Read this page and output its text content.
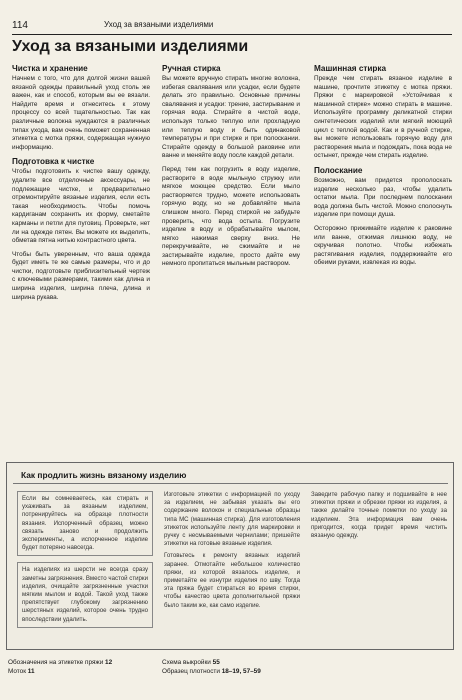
114	Уход за вязаными изделиями
Уход за вязаными изделиями
Чистка и хранение

Начнем с того, что для долгой жизни вашей вязаной одежды правильный уход столь же важен, как и способ, которым вы ее вязали. Найдите время и отнеситесь к этому процессу со всей тщательностью. Так как различные волокна нуждаются в различных типах ухода, вам очень поможет сохраненная этикетка с мотка пряжи, содержащая нужную информацию.

Подготовка к чистке

Чтобы подготовить к чистке вашу одежду, удалите все отделочные аксессуары, не подлежащие чистке, и предварительно отремонтируйте вязаные изделия, если есть такая необходимость. Чтобы помочь кардиганам сохранить их форму, сметайте карманы и петли для пуговиц. Проверьте, нет ли на одежде пятен. Вы можете их выделить, обметав пятна нитью контрастного цвета.

Чтобы быть уверенным, что ваша одежда будет иметь те же самые размеры, что и до чистки, подготовьте приблизительный чертеж с ключевыми размерами, такими как длина и ширина изделия, ширина плеча, длина и ширина рукава.

Ручная стирка

Вы можете вручную стирать многие волокна, избегая свалявания или усадки, если будете делать это правильно. Основные причины свалявания и усадки: трение, застирывание и горячая вода. Стирайте в чистой воде, используя только теплую или прохладную или теплую воду и быть одинаковой температуры и при стирке и при полоскании. Стирайте одежду в большой раковине или ванне и меняйте воду после каждой детали.

Перед тем как погрузить в воду изделие, растворите в воде мыльную стружку или мягкое моющее средство. Если мыло растворяется трудно, можете использовать горячую воду, но не добавляйте мыла слишком много. Перед стиркой не забудьте проверить, что вода остыла. Погрузите изделие в воду и обрабатывайте мылом, мягко нажимая сверху вниз. Не перекручивайте, не сжимайте и не застирывайте изделие, просто дайте ему немного пропитаться мыльным раствором.

Машинная стирка

Прежде чем стирать вязаное изделие в машине, прочтите этикетку с мотка пряжи. Пряжи с маркировкой «Устойчивая к машинной стирке» можно стирать в машине. Используйте программу деликатной стирки синтетических изделий или мягкий моющий цикл с теплой водой. Как и в ручной стирке, вы можете использовать горячую воду для растворения мыла и подождать, пока вода не остынет, прежде чем стирать изделие.

Полоскание

Возможно, вам придется прополоскать изделие несколько раз, чтобы удалить остатки мыла. При последнем полоскании вода должна быть чистой. Можно сполоснуть изделие при помощи душа.

Осторожно прижимайте изделие к раковине или ванне, отжимая лишнюю воду, не скручивая полотно. Чтобы избежать растягивания изделия, поддерживайте его обеими руками, извлекая из воды.

Как продлить жизнь вязаному изделию

Если вы сомневаетесь, как стирать и ухаживать за вязаным изделием, потренируйтесь на образце плотности вязания. Испорченный образец можно связать заново и продолжить эксперименты, а испорченное изделие будет потеряно навсегда.

На изделиях из шерсти не всегда сразу заметны загрязнения. Вместо частой стирки изделия, очищайте загрязненные участки мягким мылом и водой. Такой уход также препятствует глубокому загрязнению шерстяных изделий, которое очень трудно впоследствии удалить.

Изготовьте этикетки с информацией по уходу за изделием, не забывая указать вы его содержание волокон и специальные образцы типа МС (машинная стирка). Для изготовления этикеток используйте ленту для маркировки и ручку с несмываемыми чернилами; пришейте этикетки на готовые вязаные изделия.

Готовьтесь к ремонту вязаных изделий заранее. Отмотайте небольшое количество пряжи, из которой вязалось изделие, и приметайте ее изнутри изделия по шву. Тогда эта пряжа будет стираться во время стирки, чтобы качество цвета дополнительной пряжи было таким же, как само изделие.

Заведите рабочую папку и подшивайте в нее этикетки пряжи и обрезки пряжи из изделия, а также делайте точные пометки по уходу за изделием. Эта информация вам очень пригодится, когда придет время чистить вязаную одежду.

Обозначения на этикетке пряжи 12
Моток 11
Схема выкройки 55
Образец плотности 18–19, 57–59
